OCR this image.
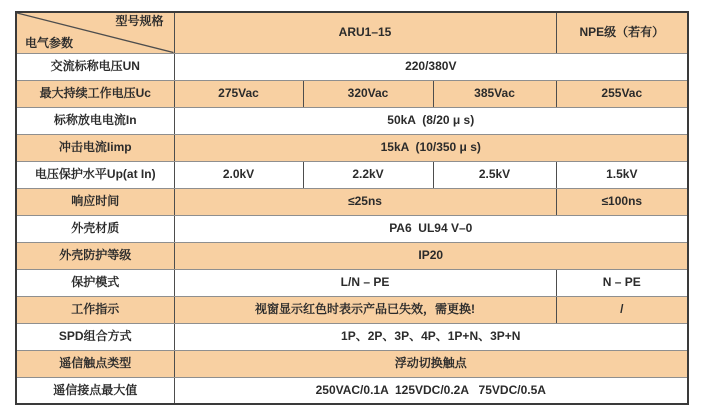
型号规格

电气参数	ARU1–15			NPE级（若有）
交流标称电压UN	220/380V			
最大持续工作电压Uc	275Vac	320Vac	385Vac	255Vac
标称放电电流In	50kA  (8/20 μ s)			
冲击电流Iimp	15kA  (10/350 μ s)			
电压保护水平Up(at In)	2.0kV	2.2kV	2.5kV	1.5kV
响应时间	≤25ns			≤100ns
外壳材质	PA6  UL94 V–0			
外壳防护等级	IP20			
保护模式	L/N – PE			N – PE
工作指示	视窗显示红色时表示产品已失效，需更换!			/
SPD组合方式	1P、2P、3P、4P、1P+N、3P+N			
遥信触点类型	浮动切换触点			
遥信接点最大值	250VAC/0.1A  125VDC/0.2A   75VDC/0.5A			
